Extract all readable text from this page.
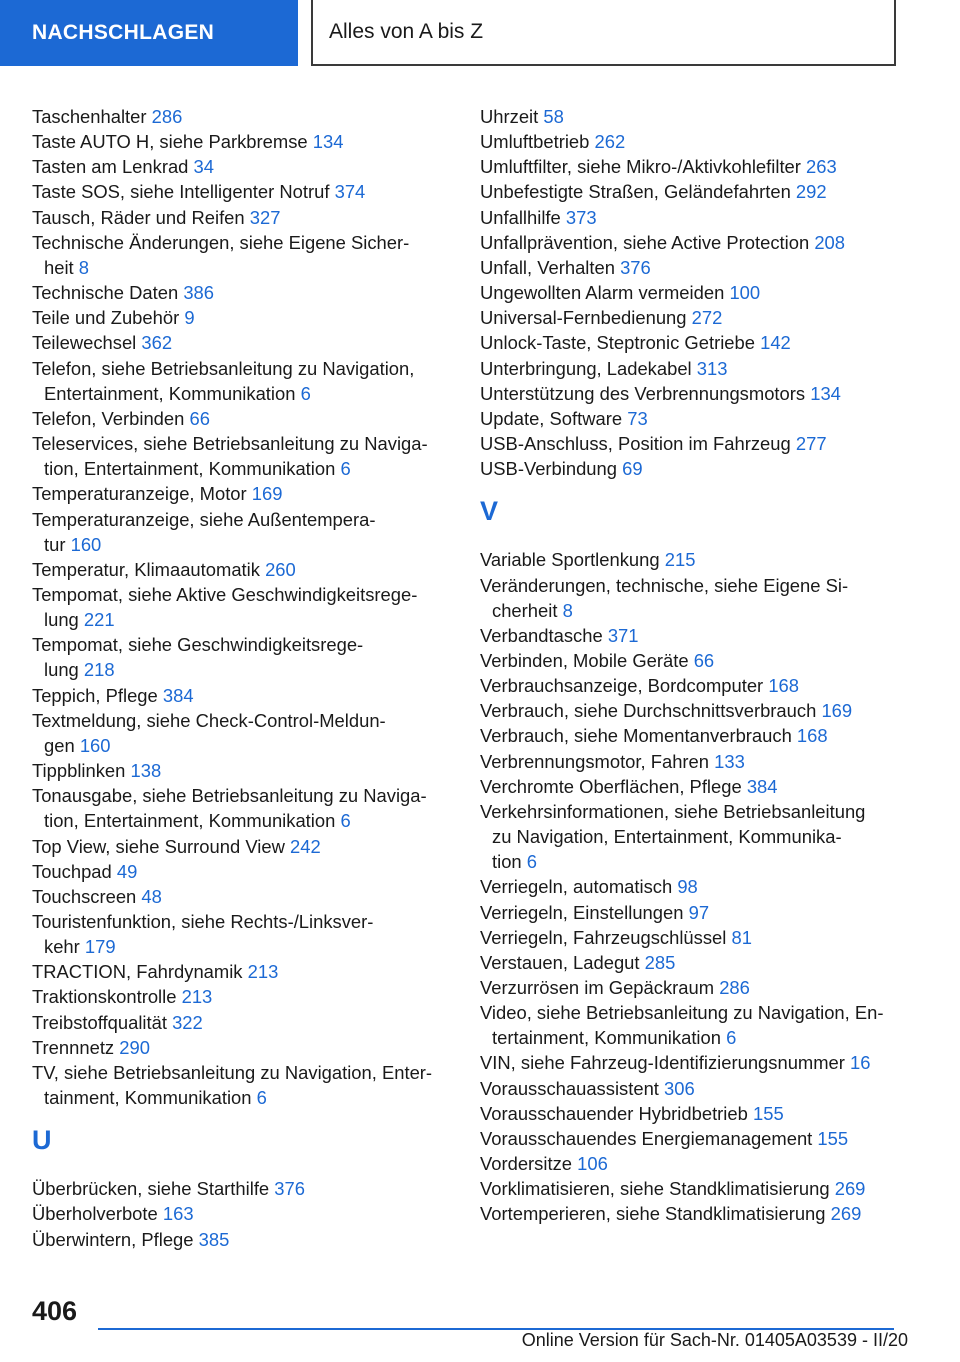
NACHSCHLAGEN	Alles von A bis Z
Taschenhalter 286
Taste AUTO H, siehe Parkbremse 134
Tasten am Lenkrad 34
Taste SOS, siehe Intelligenter Notruf 374
Tausch, Räder und Reifen 327
Technische Änderungen, siehe Eigene Sicher-
heit 8
Technische Daten 386
Teile und Zubehör 9
Teilewechsel 362
Telefon, siehe Betriebsanleitung zu Navigation,
Entertainment, Kommunikation 6
Telefon, Verbinden 66
Teleservices, siehe Betriebsanleitung zu Naviga-
tion, Entertainment, Kommunikation 6
Temperaturanzeige, Motor 169
Temperaturanzeige, siehe Außentempera-
tur 160
Temperatur, Klimaautomatik 260
Tempomat, siehe Aktive Geschwindigkeitsrege-
lung 221
Tempomat, siehe Geschwindigkeitsrege-
lung 218
Teppich, Pflege 384
Textmeldung, siehe Check-Control-Meldun-
gen 160
Tippblinken 138
Tonausgabe, siehe Betriebsanleitung zu Naviga-
tion, Entertainment, Kommunikation 6
Top View, siehe Surround View 242
Touchpad 49
Touchscreen 48
Touristenfunktion, siehe Rechts-/Linksver-
kehr 179
TRACTION, Fahrdynamik 213
Traktionskontrolle 213
Treibstoffqualität 322
Trennnetz 290
TV, siehe Betriebsanleitung zu Navigation, Enter-
tainment, Kommunikation 6
U
Überbrücken, siehe Starthilfe 376
Überholverbote 163
Überwintern, Pflege 385
Uhrzeit 58
Umluftbetrieb 262
Umluftfilter, siehe Mikro-/Aktivkohlefilter 263
Unbefestigte Straßen, Geländefahrten 292
Unfallhilfe 373
Unfallprävention, siehe Active Protection 208
Unfall, Verhalten 376
Ungewollten Alarm vermeiden 100
Universal-Fernbedienung 272
Unlock-Taste, Steptronic Getriebe 142
Unterbringung, Ladekabel 313
Unterstützung des Verbrennungsmotors 134
Update, Software 73
USB-Anschluss, Position im Fahrzeug 277
USB-Verbindung 69
V
Variable Sportlenkung 215
Veränderungen, technische, siehe Eigene Si-
cherheit 8
Verbandtasche 371
Verbinden, Mobile Geräte 66
Verbrauchsanzeige, Bordcomputer 168
Verbrauch, siehe Durchschnittsverbrauch 169
Verbrauch, siehe Momentanverbrauch 168
Verbrennungsmotor, Fahren 133
Verchromte Oberflächen, Pflege 384
Verkehrsinformationen, siehe Betriebsanleitung
zu Navigation, Entertainment, Kommunika-
tion 6
Verriegeln, automatisch 98
Verriegeln, Einstellungen 97
Verriegeln, Fahrzeugschlüssel 81
Verstauen, Ladegut 285
Verzurrösen im Gepäckraum 286
Video, siehe Betriebsanleitung zu Navigation, En-
tertainment, Kommunikation 6
VIN, siehe Fahrzeug-Identifizierungsnummer 16
Vorausschauassistent 306
Vorausschauender Hybridbetrieb 155
Vorausschauendes Energiemanagement 155
Vordersitze 106
Vorklimatisieren, siehe Standklimatisierung 269
Vortemperieren, siehe Standklimatisierung 269
406
Online Version für Sach-Nr. 01405A03539 - II/20
